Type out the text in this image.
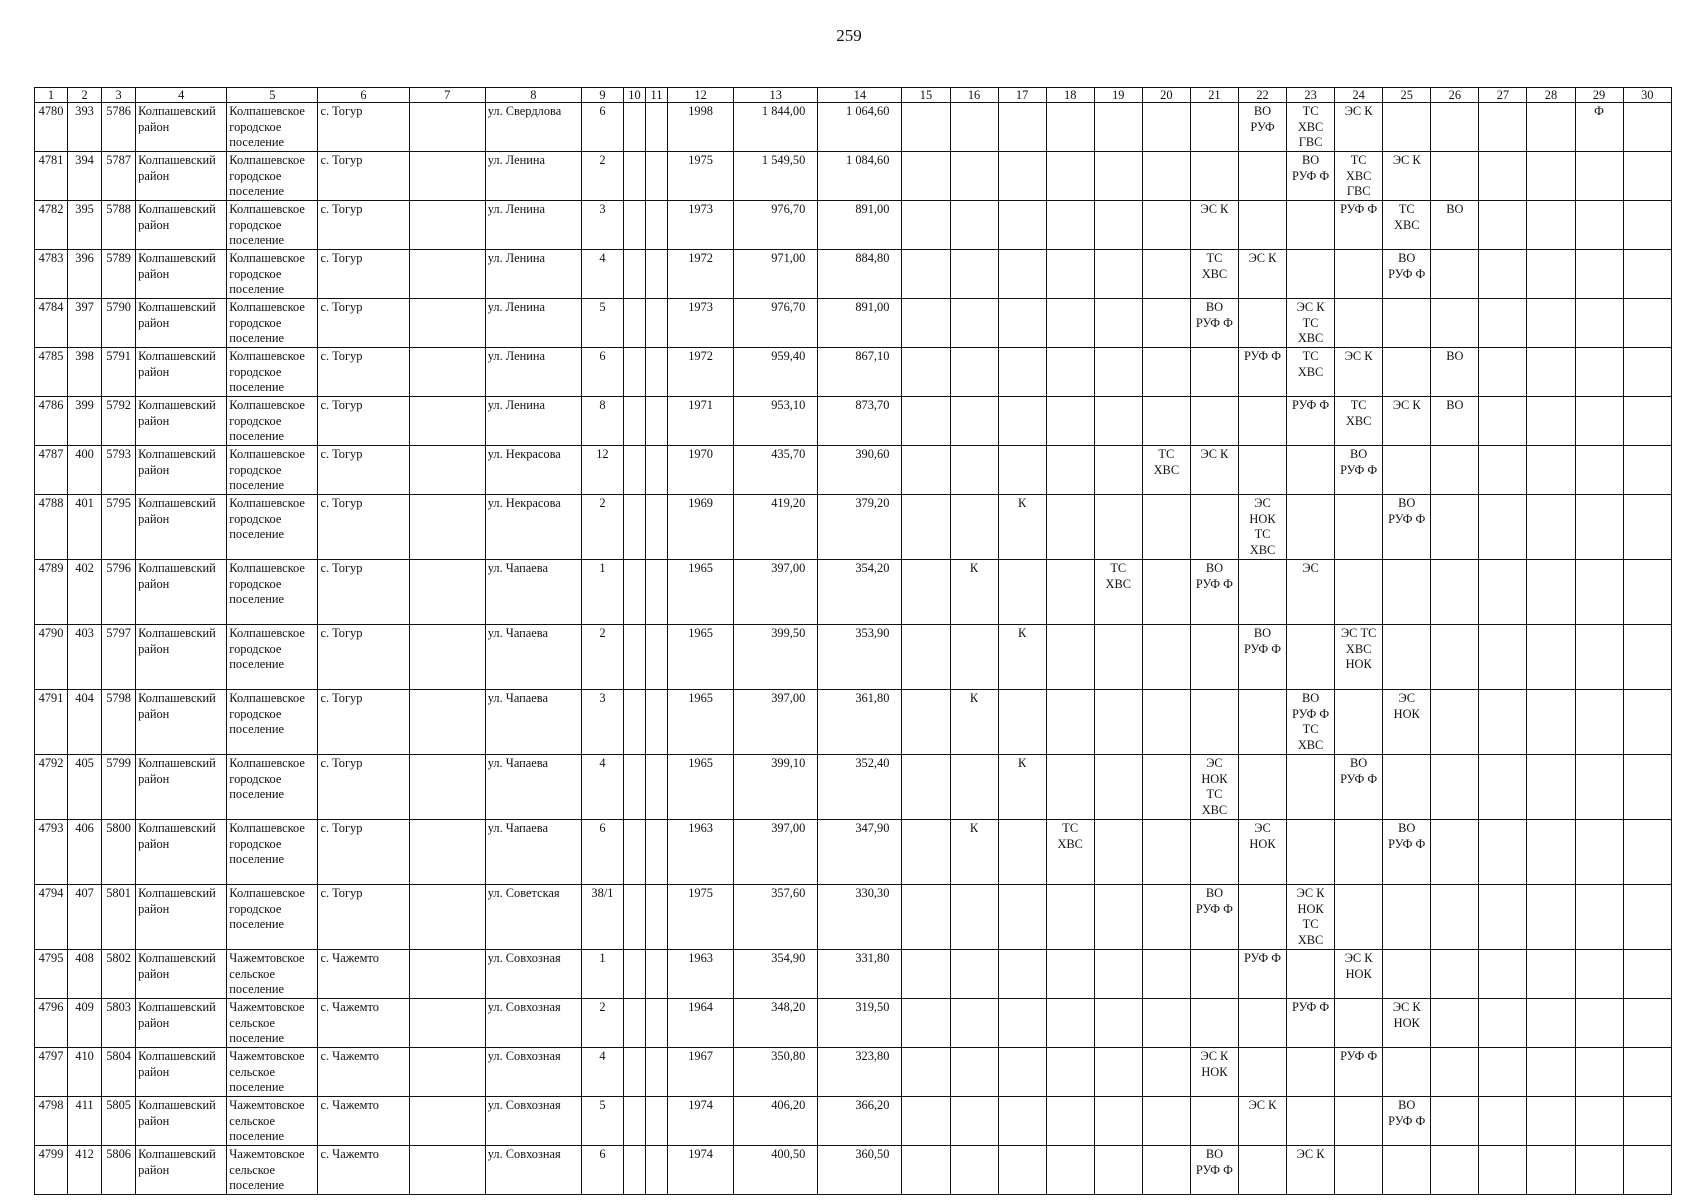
259
1	2	3	4	5	6	7	8	9	10	11	12	13	14	15	16	17	18	19	20	21	22	23	24	25	26	27	28	29	30
4780	393	5786	Колпашевский район	Колпашевское городское поселение	с. Тогур		ул. Свердлова	6			1998	1 844,00	1 064,60								ВО РУФ	ТС ХВС ГВС	ЭС К					Ф	
4781	394	5787	Колпашевский район	Колпашевское городское поселение	с. Тогур		ул. Ленина	2			1975	1 549,50	1 084,60									ВО РУФ Ф	ТС ХВС ГВС	ЭС К					
4782	395	5788	Колпашевский район	Колпашевское городское поселение	с. Тогур		ул. Ленина	3			1973	976,70	891,00							ЭС К			РУФ Ф	ТС ХВС	ВО				
4783	396	5789	Колпашевский район	Колпашевское городское поселение	с. Тогур		ул. Ленина	4			1972	971,00	884,80							ТС ХВС	ЭС К			ВО РУФ Ф					
4784	397	5790	Колпашевский район	Колпашевское городское поселение	с. Тогур		ул. Ленина	5			1973	976,70	891,00							ВО РУФ Ф		ЭС К ТС ХВС							
4785	398	5791	Колпашевский район	Колпашевское городское поселение	с. Тогур		ул. Ленина	6			1972	959,40	867,10								РУФ Ф	ТС ХВС	ЭС К		ВО				
4786	399	5792	Колпашевский район	Колпашевское городское поселение	с. Тогур		ул. Ленина	8			1971	953,10	873,70									РУФ Ф	ТС ХВС	ЭС К	ВО				
4787	400	5793	Колпашевский район	Колпашевское городское поселение	с. Тогур		ул. Некрасова	12			1970	435,70	390,60						ТС ХВС	ЭС К			ВО РУФ Ф						
4788	401	5795	Колпашевский район	Колпашевское городское поселение	с. Тогур		ул. Некрасова	2			1969	419,20	379,20			К					ЭС НОК ТС ХВС			ВО РУФ Ф					
4789	402	5796	Колпашевский район	Колпашевское городское поселение	с. Тогур		ул. Чапаева	1			1965	397,00	354,20		К			ТС ХВС		ВО РУФ Ф		ЭС							
4790	403	5797	Колпашевский район	Колпашевское городское поселение	с. Тогур		ул. Чапаева	2			1965	399,50	353,90			К					ВО РУФ Ф		ЭС ТС ХВС НОК						
4791	404	5798	Колпашевский район	Колпашевское городское поселение	с. Тогур		ул. Чапаева	3			1965	397,00	361,80		К							ВО РУФ Ф ТС ХВС		ЭС НОК					
4792	405	5799	Колпашевский район	Колпашевское городское поселение	с. Тогур		ул. Чапаева	4			1965	399,10	352,40			К				ЭС НОК ТС ХВС			ВО РУФ Ф						
4793	406	5800	Колпашевский район	Колпашевское городское поселение	с. Тогур		ул. Чапаева	6			1963	397,00	347,90		К		ТС ХВС				ЭС НОК			ВО РУФ Ф					
4794	407	5801	Колпашевский район	Колпашевское городское поселение	с. Тогур		ул. Советская	38/1			1975	357,60	330,30							ВО РУФ Ф		ЭС К НОК ТС ХВС							
4795	408	5802	Колпашевский район	Чажемтовское сельское поселение	с. Чажемто		ул. Совхозная	1			1963	354,90	331,80								РУФ Ф		ЭС К НОК						
4796	409	5803	Колпашевский район	Чажемтовское сельское поселение	с. Чажемто		ул. Совхозная	2			1964	348,20	319,50									РУФ Ф		ЭС К НОК					
4797	410	5804	Колпашевский район	Чажемтовское сельское поселение	с. Чажемто		ул. Совхозная	4			1967	350,80	323,80							ЭС К НОК			РУФ Ф						
4798	411	5805	Колпашевский район	Чажемтовское сельское поселение	с. Чажемто		ул. Совхозная	5			1974	406,20	366,20								ЭС К			ВО РУФ Ф					
4799	412	5806	Колпашевский район	Чажемтовское сельское поселение	с. Чажемто		ул. Совхозная	6			1974	400,50	360,50							ВО РУФ Ф		ЭС К							
